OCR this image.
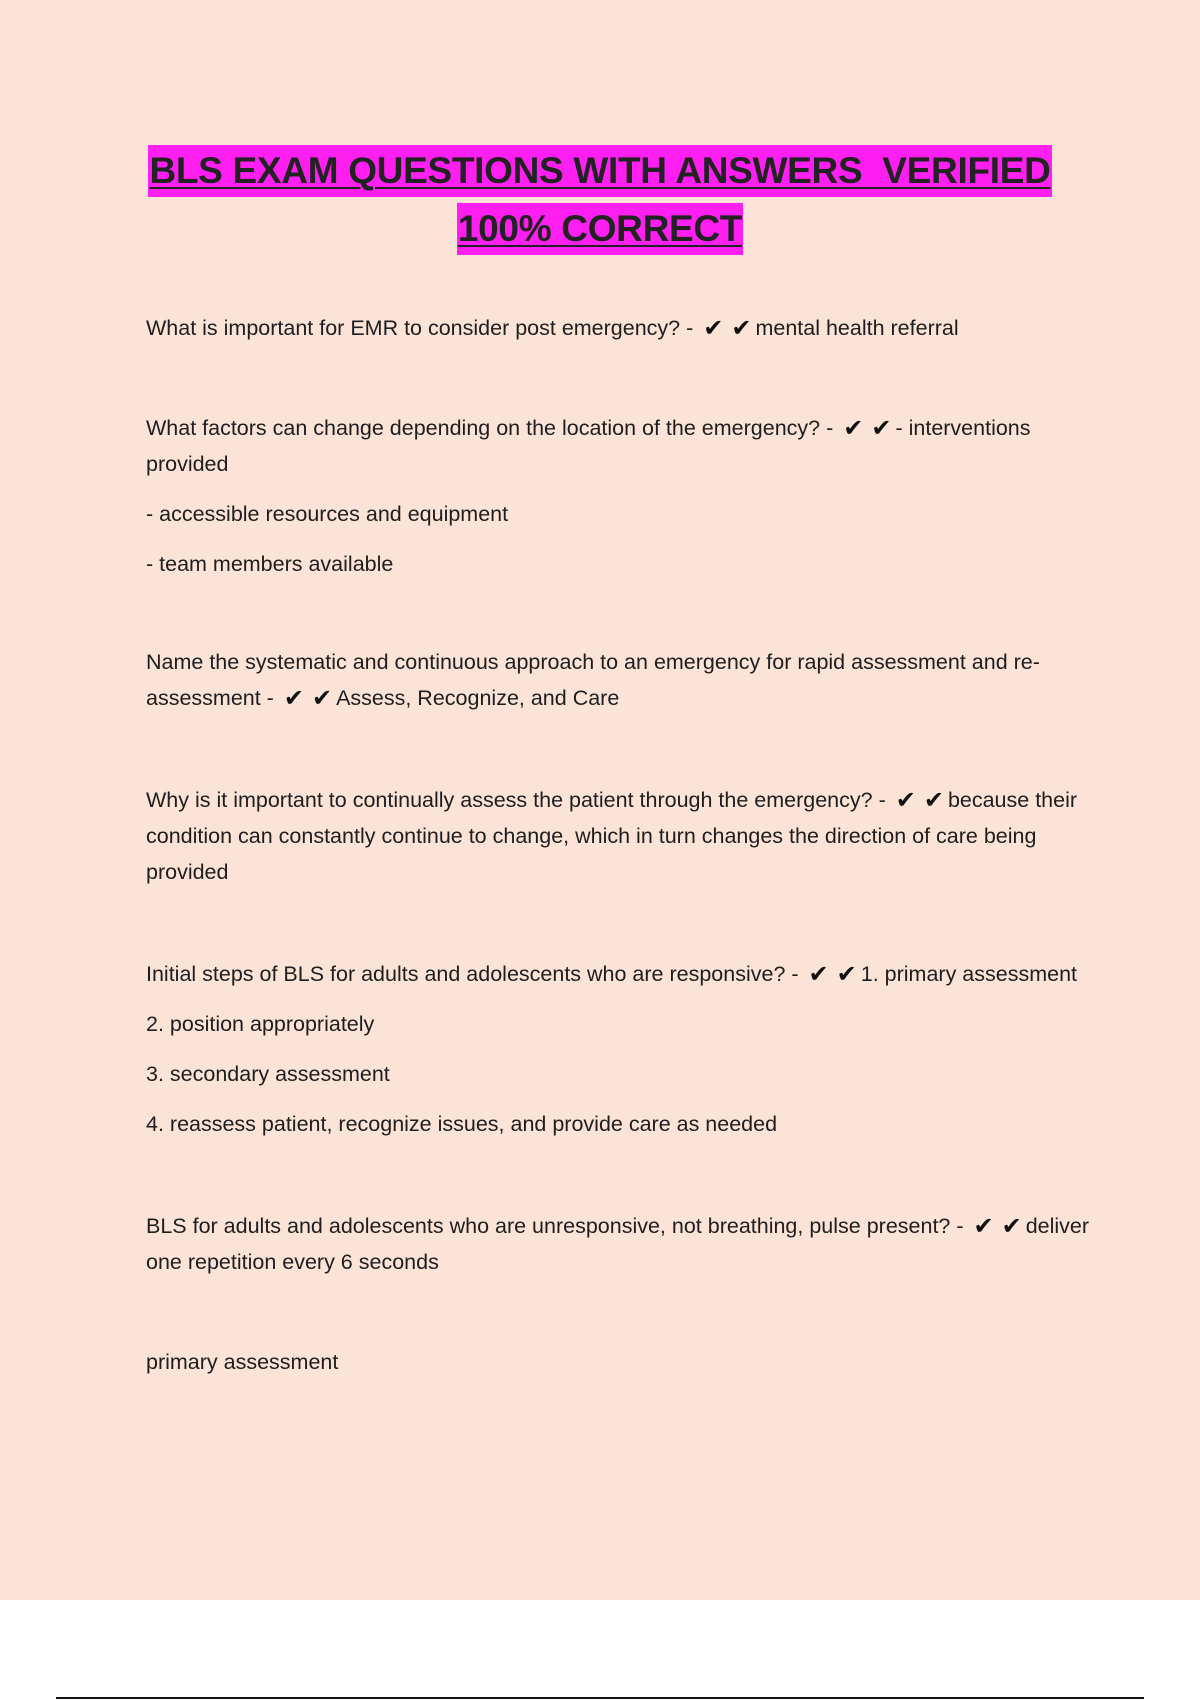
BLS EXAM QUESTIONS WITH ANSWERS  VERIFIED
100% CORRECT

What is important for EMR to consider post emergency? - ✔ ✔ mental health referral

What factors can change depending on the location of the emergency? - ✔ ✔ - interventions provided

- accessible resources and equipment

- team members available

Name the systematic and continuous approach to an emergency for rapid assessment and re-assessment - ✔ ✔ Assess, Recognize, and Care

Why is it important to continually assess the patient through the emergency? - ✔ ✔ because their condition can constantly continue to change, which in turn changes the direction of care being provided

Initial steps of BLS for adults and adolescents who are responsive? - ✔ ✔ 1. primary assessment

2. position appropriately

3. secondary assessment

4. reassess patient, recognize issues, and provide care as needed

BLS for adults and adolescents who are unresponsive, not breathing, pulse present? - ✔ ✔ deliver one repetition every 6 seconds

primary assessment
